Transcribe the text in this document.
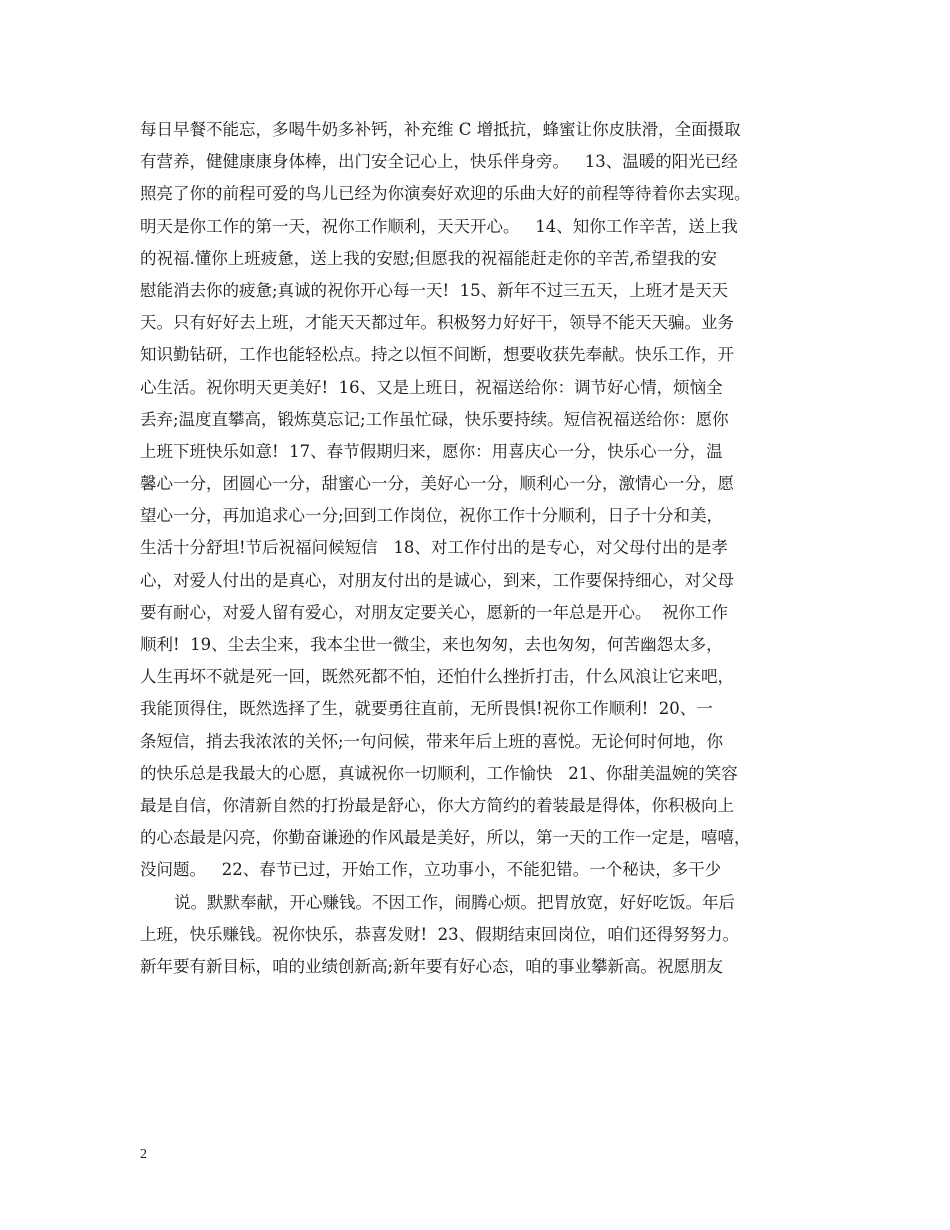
每日早餐不能忘，多喝牛奶多补钙，补充维 C 增抵抗，蜂蜜让你皮肤滑，全面摄取
有营养，健健康康身体棒，出门安全记心上，快乐伴身旁。   13、温暖的阳光已经
照亮了你的前程可爱的鸟儿已经为你演奏好欢迎的乐曲大好的前程等待着你去实现。
明天是你工作的第一天，祝你工作顺利，天天开心。   14、知你工作辛苦，送上我
的祝福.懂你上班疲惫，送上我的安慰;但愿我的祝福能赶走你的辛苦,希望我的安
慰能消去你的疲惫;真诚的祝你开心每一天!  15、新年不过三五天，上班才是天天
天。只有好好去上班，才能天天都过年。积极努力好好干，领导不能天天骗。业务
知识勤钻研，工作也能轻松点。持之以恒不间断，想要收获先奉献。快乐工作，开
心生活。祝你明天更美好!  16、又是上班日，祝福送给你：调节好心情，烦恼全
丢弃;温度直攀高，锻炼莫忘记;工作虽忙碌，快乐要持续。短信祝福送给你：愿你
上班下班快乐如意!  17、春节假期归来，愿你：用喜庆心一分，快乐心一分，温
馨心一分，团圆心一分，甜蜜心一分，美好心一分，顺利心一分，激情心一分，愿
望心一分，再加追求心一分;回到工作岗位，祝你工作十分顺利，日子十分和美，
生活十分舒坦!节后祝福问候短信   18、对工作付出的是专心，对父母付出的是孝
心，对爱人付出的是真心，对朋友付出的是诚心，到来，工作要保持细心，对父母
要有耐心，对爱人留有爱心，对朋友定要关心，愿新的一年总是开心。  祝你工作
顺利!  19、尘去尘来，我本尘世一微尘，来也匆匆，去也匆匆，何苦幽怨太多，
人生再坏不就是死一回，既然死都不怕，还怕什么挫折打击，什么风浪让它来吧，
我能顶得住，既然选择了生，就要勇往直前，无所畏惧!祝你工作顺利!  20、一
条短信，捎去我浓浓的关怀;一句问候，带来年后上班的喜悦。无论何时何地，你
的快乐总是我最大的心愿，真诚祝你一切顺利，工作愉快   21、你甜美温婉的笑容
最是自信，你清新自然的打扮最是舒心，你大方简约的着装最是得体，你积极向上
的心态最是闪亮，你勤奋谦逊的作风最是美好，所以，第一天的工作一定是，嘻嘻，
没问题。   22、春节已过，开始工作，立功事小，不能犯错。一个秘诀，多干少
说。默默奉献，开心赚钱。不因工作，闹腾心烦。把胃放宽，好好吃饭。年后
上班，快乐赚钱。祝你快乐，恭喜发财!  23、假期结束回岗位，咱们还得努努力。
新年要有新目标，咱的业绩创新高;新年要有好心态，咱的事业攀新高。祝愿朋友
2
